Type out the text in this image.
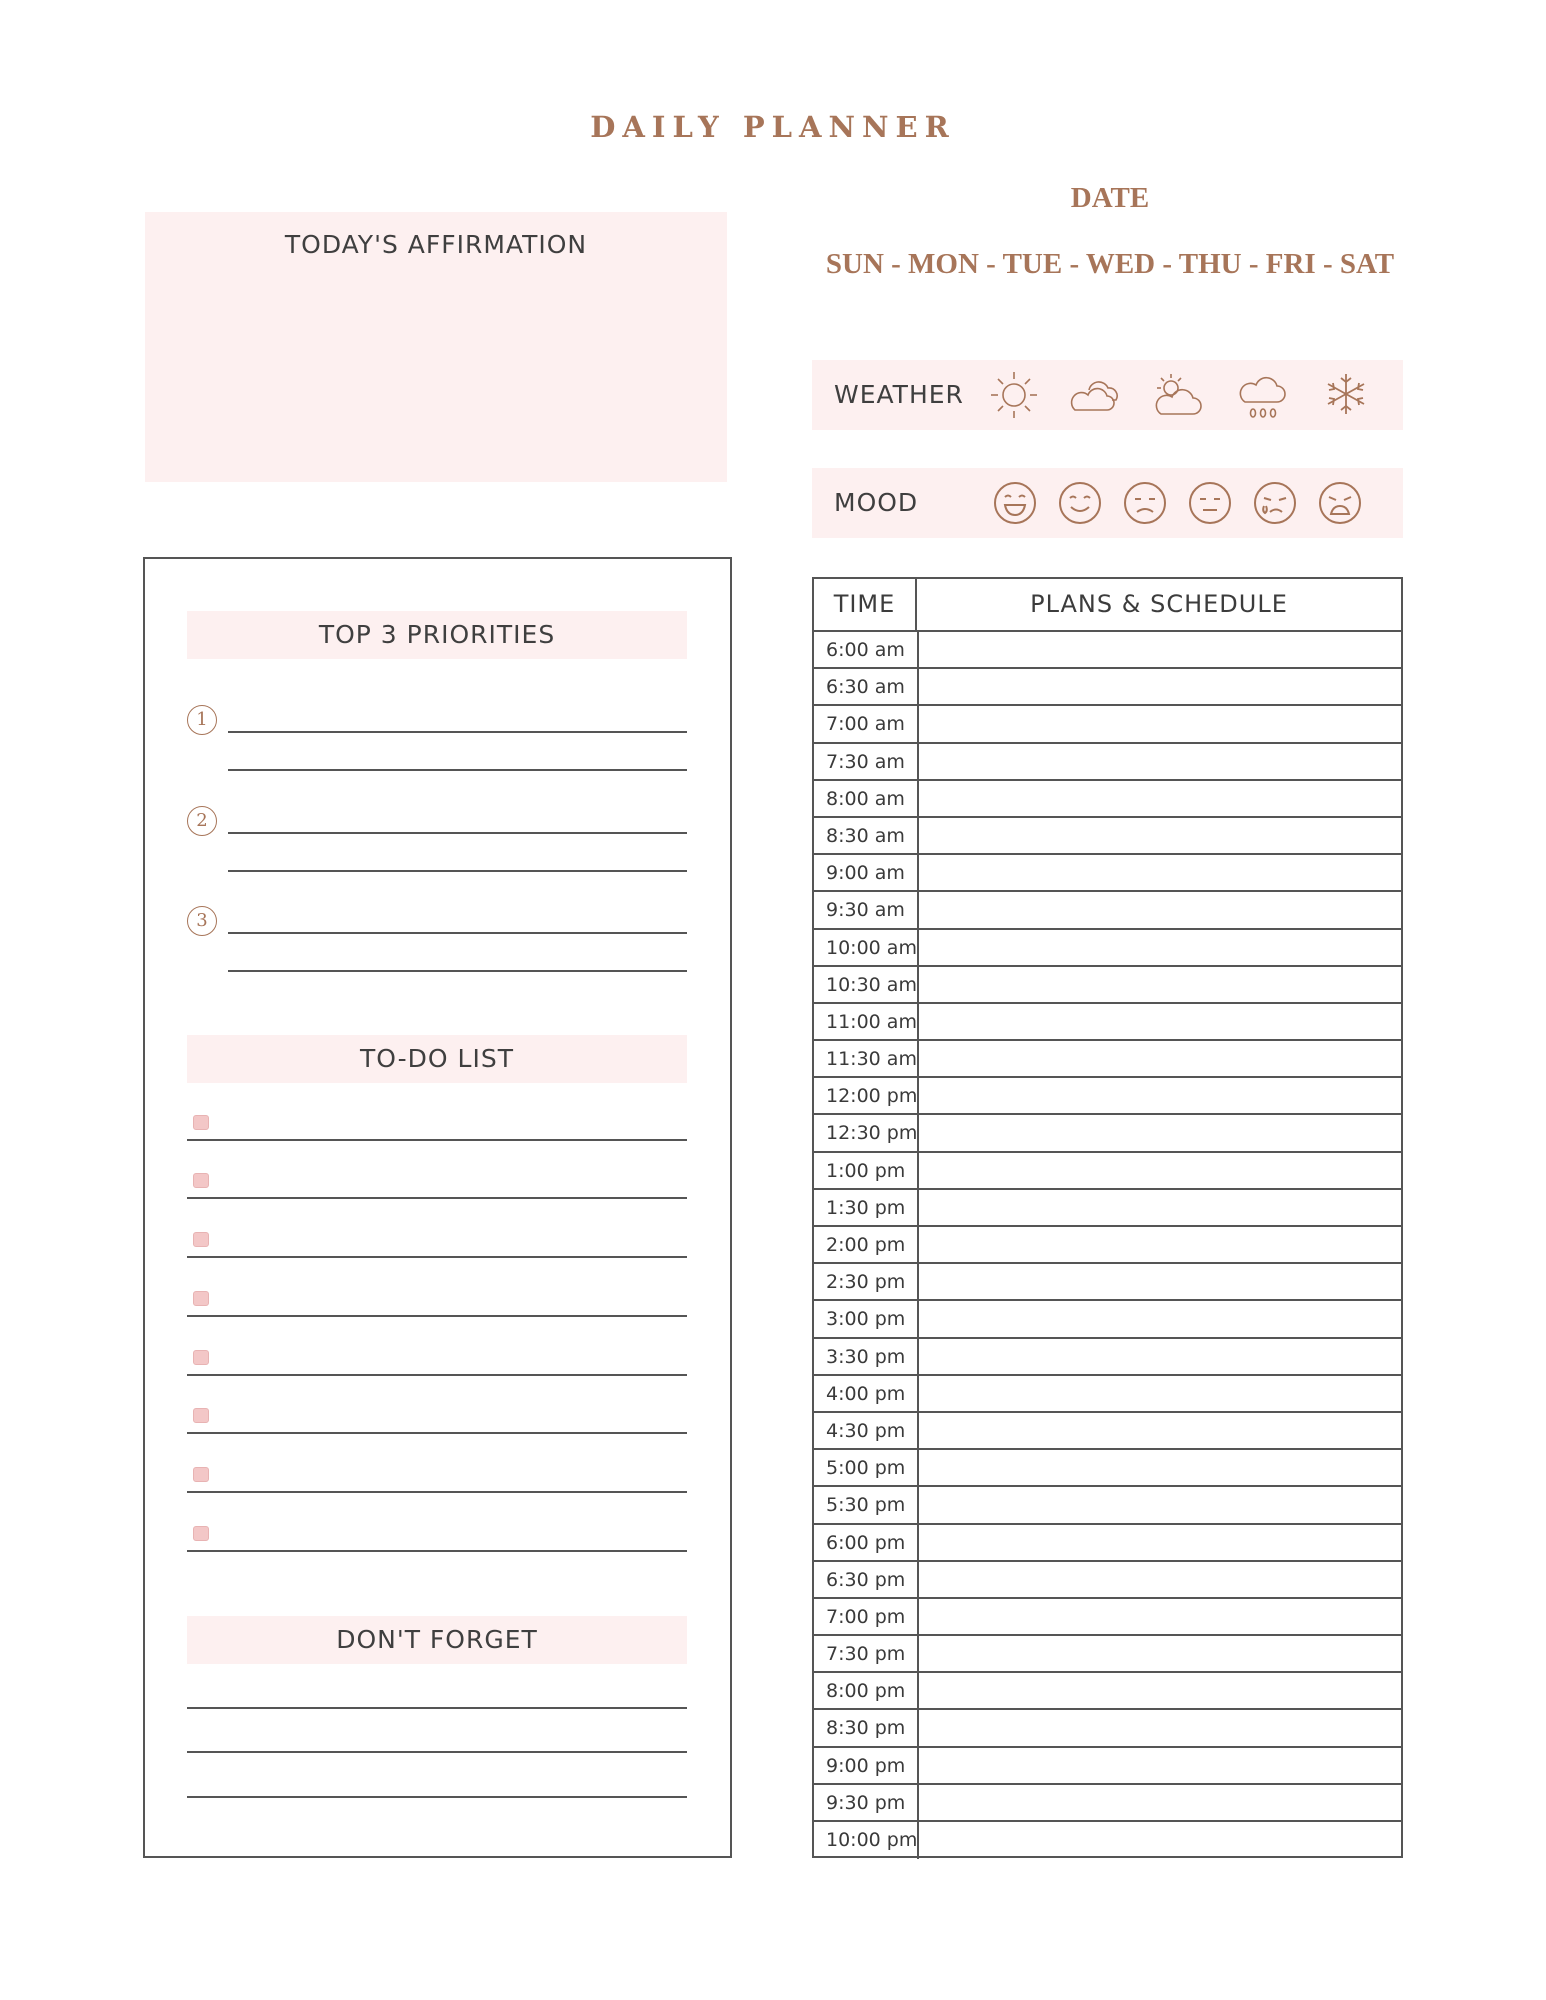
DAILY PLANNER
DATE
SUN - MON - TUE - WED - THU - FRI - SAT
TODAY'S AFFIRMATION
WEATHER
MOOD
TOP 3 PRIORITIES
1
2
3
TO-DO LIST
DON'T FORGET
TIME	PLANS & SCHEDULE
6:00 am
6:30 am
7:00 am
7:30 am
8:00 am
8:30 am
9:00 am
9:30 am
10:00 am
10:30 am
11:00 am
11:30 am
12:00 pm
12:30 pm
1:00 pm
1:30 pm
2:00 pm
2:30 pm
3:00 pm
3:30 pm
4:00 pm
4:30 pm
5:00 pm
5:30 pm
6:00 pm
6:30 pm
7:00 pm
7:30 pm
8:00 pm
8:30 pm
9:00 pm
9:30 pm
10:00 pm
